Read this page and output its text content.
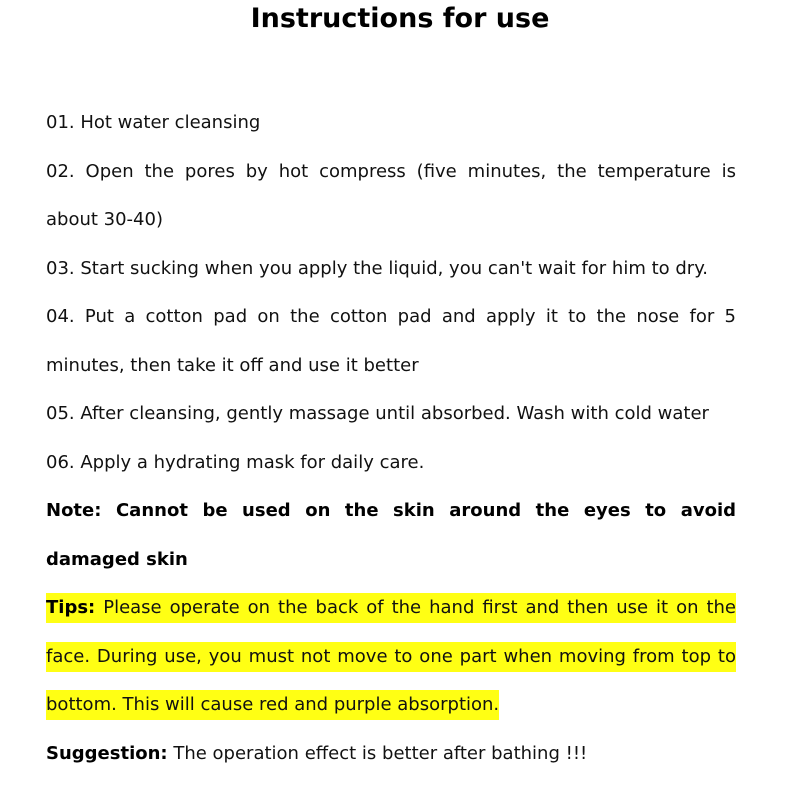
Instructions for use
01. Hot water cleansing
02. Open the pores by hot compress (five minutes, the temperature is about 30-40)
03. Start sucking when you apply the liquid, you can't wait for him to dry.
04. Put a cotton pad on the cotton pad and apply it to the nose for 5 minutes, then take it off and use it better
05. After cleansing, gently massage until absorbed. Wash with cold water
06. Apply a hydrating mask for daily care.
Note: Cannot be used on the skin around the eyes to avoid damaged skin
Tips: Please operate on the back of the hand first and then use it on the face. During use, you must not move to one part when moving from top to bottom. This will cause red and purple absorption.
Suggestion: The operation effect is better after bathing !!!
